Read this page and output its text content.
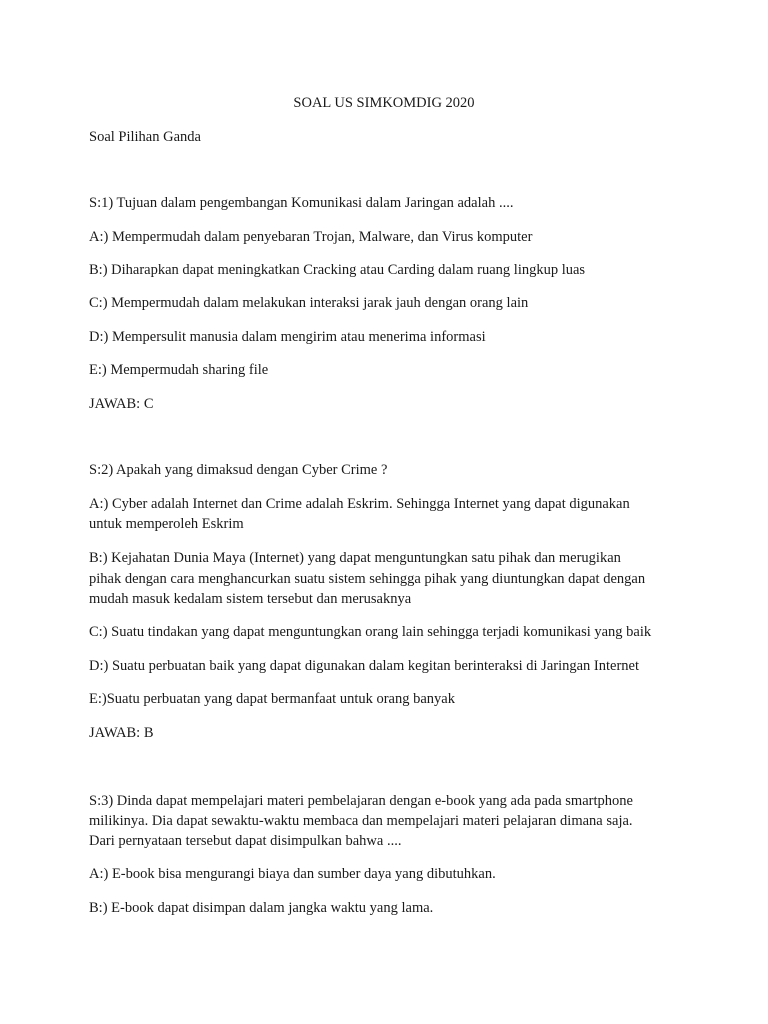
SOAL US SIMKOMDIG 2020

Soal Pilihan Ganda

S:1) Tujuan dalam pengembangan Komunikasi dalam Jaringan adalah ....

A:) Mempermudah dalam penyebaran Trojan, Malware, dan Virus komputer

B:) Diharapkan dapat meningkatkan Cracking atau Carding dalam ruang lingkup luas

C:) Mempermudah dalam melakukan interaksi jarak jauh dengan orang lain

D:) Mempersulit manusia dalam mengirim atau menerima informasi

E:) Mempermudah sharing file

JAWAB: C

S:2) Apakah yang dimaksud dengan Cyber Crime ?

A:) Cyber adalah Internet dan Crime adalah Eskrim. Sehingga Internet yang dapat digunakan

untuk memperoleh Eskrim

B:) Kejahatan Dunia Maya (Internet) yang dapat menguntungkan satu pihak dan merugikan

pihak dengan cara menghancurkan suatu sistem sehingga pihak yang diuntungkan dapat dengan

mudah masuk kedalam sistem tersebut dan merusaknya

C:) Suatu tindakan yang dapat menguntungkan orang lain sehingga terjadi komunikasi yang baik

D:) Suatu perbuatan baik yang dapat digunakan dalam kegitan berinteraksi di Jaringan Internet

E:)Suatu perbuatan yang dapat bermanfaat untuk orang banyak

JAWAB: B

S:3) Dinda dapat mempelajari materi pembelajaran dengan e-book yang ada pada smartphone

milikinya. Dia dapat sewaktu-waktu membaca dan mempelajari materi pelajaran dimana saja.

Dari pernyataan tersebut dapat disimpulkan bahwa ....

A:) E-book bisa mengurangi biaya dan sumber daya yang dibutuhkan.

B:) E-book dapat disimpan dalam jangka waktu yang lama.
